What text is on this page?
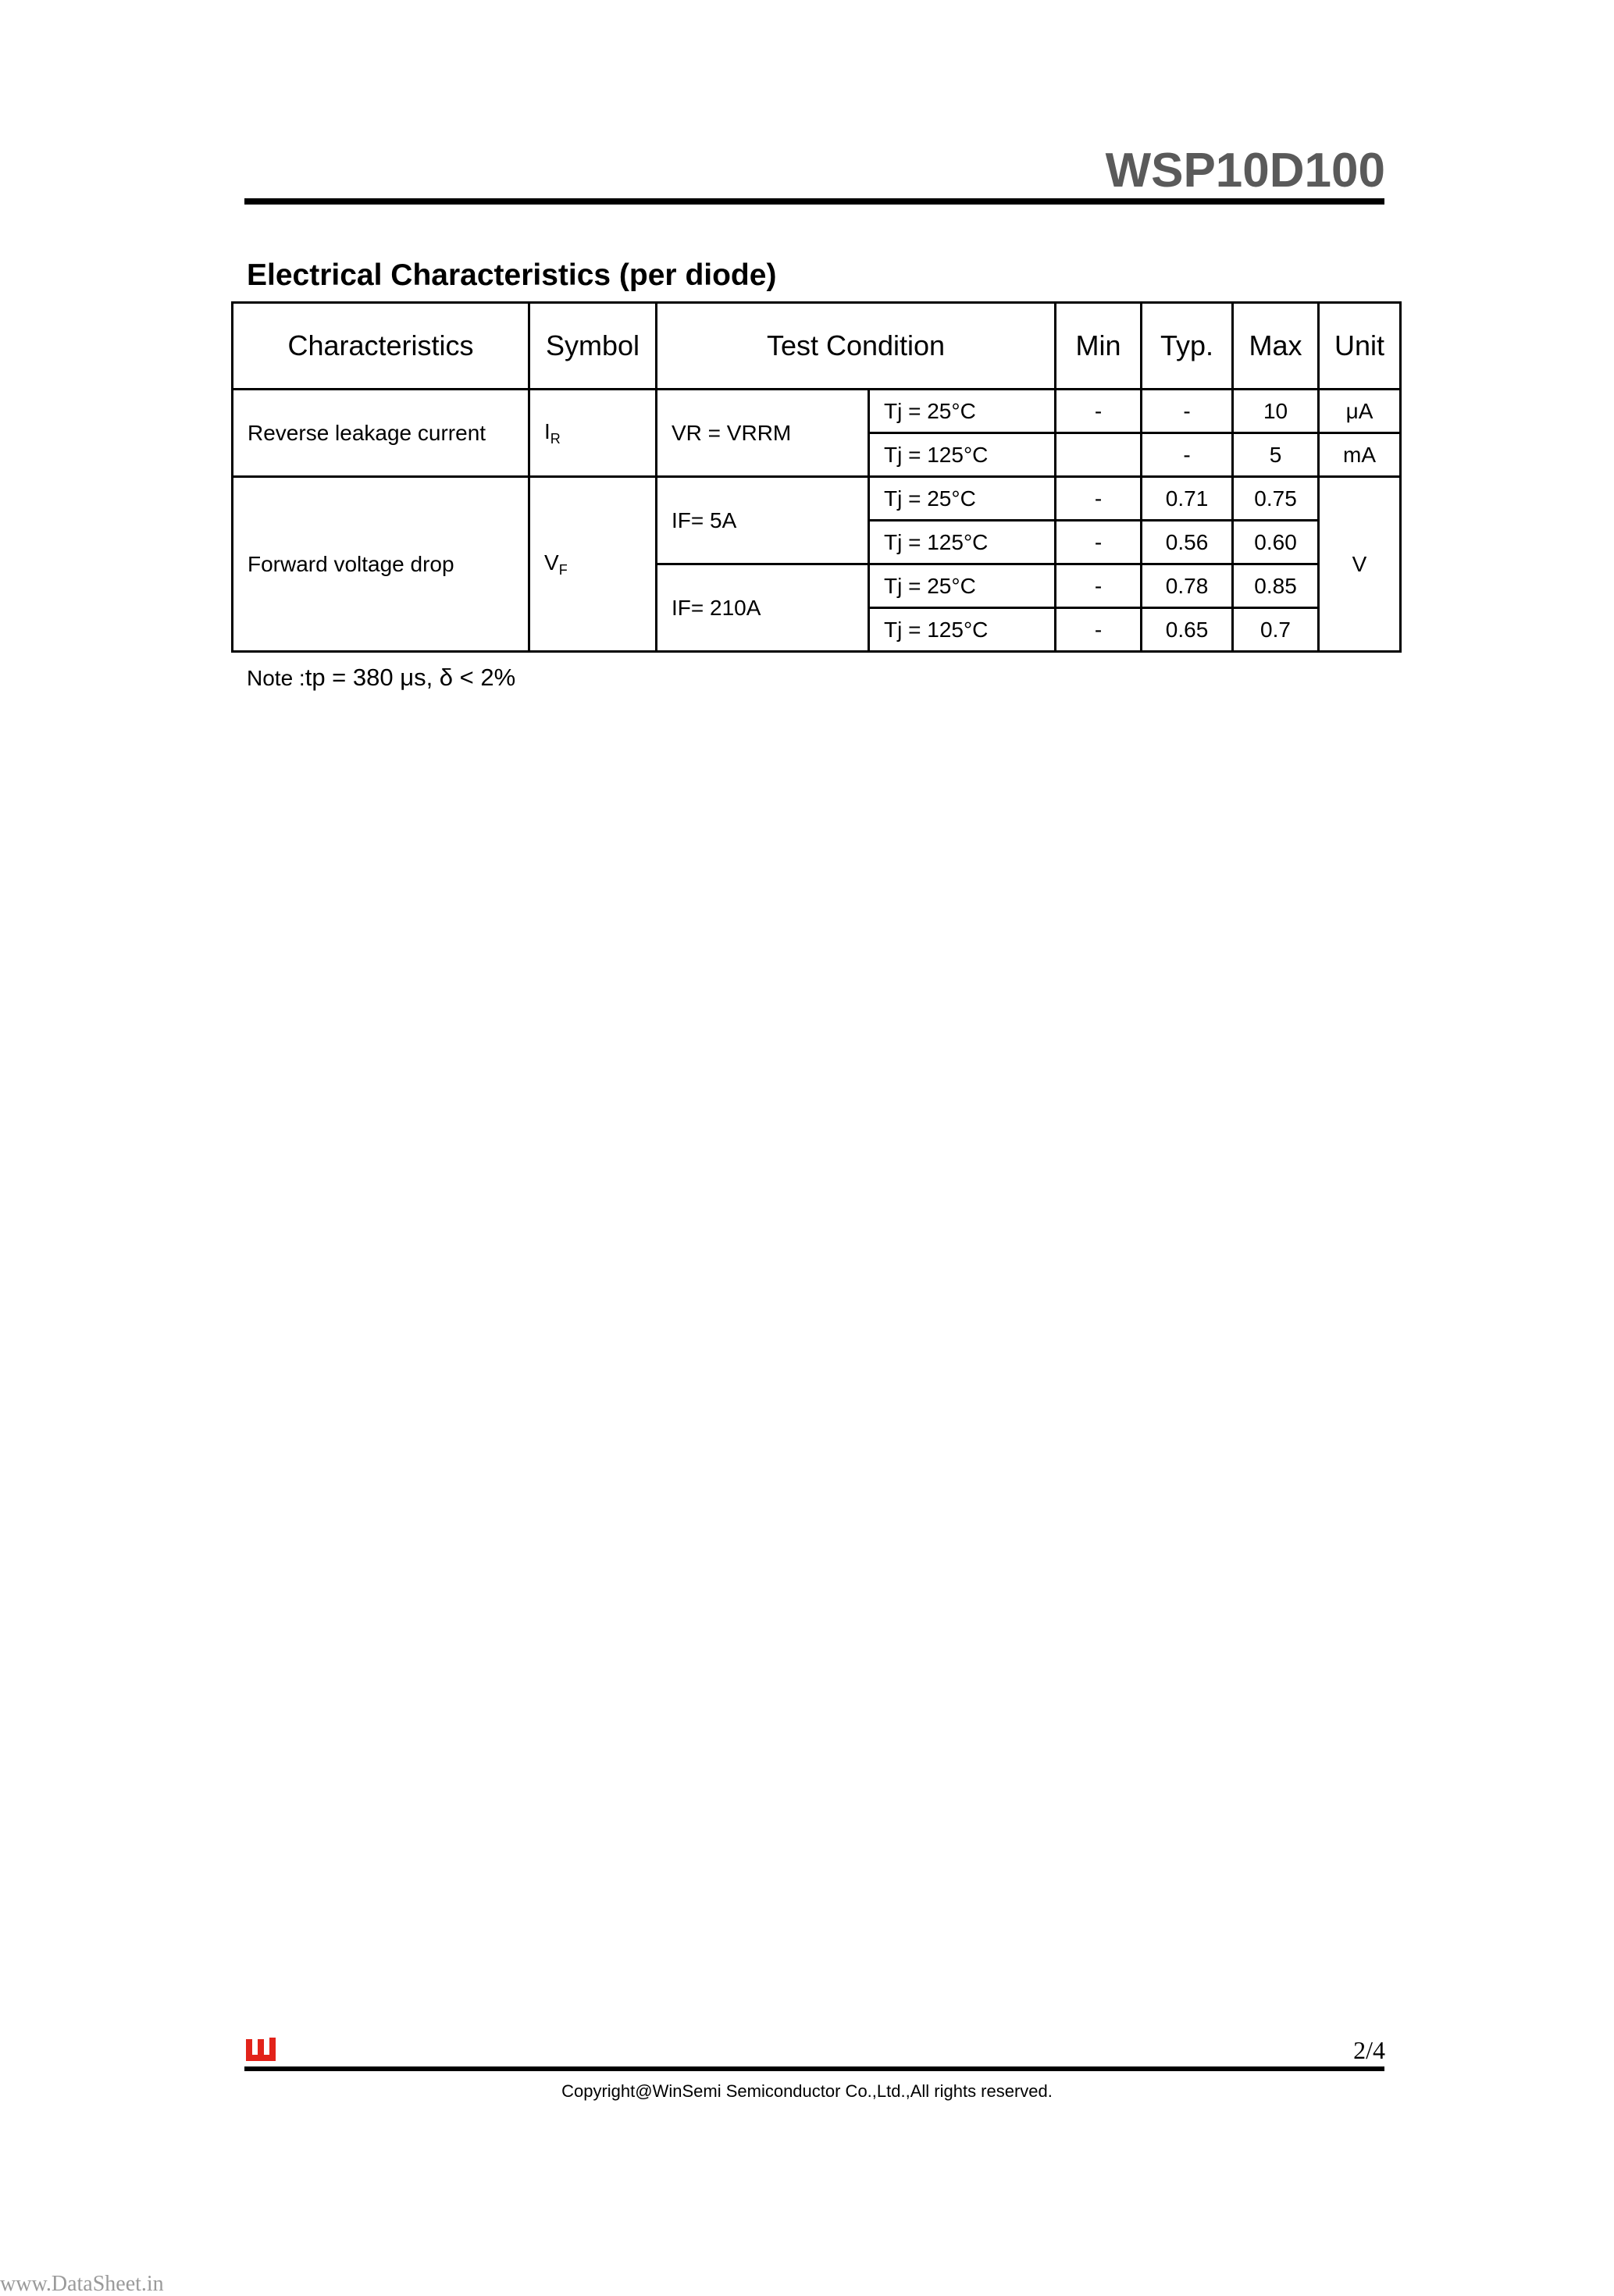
WSP10D100
Electrical Characteristics (per diode)
Characteristics	Symbol	Test Condition		Min	Typ.	Max	Unit
Reverse leakage current	$I_R$	VR = VRRM	Tj = 25°C	-	-	10	μA
			Tj = 125°C		-	5	mA
Forward voltage drop	$V_F$	IF= 5A	Tj = 25°C	-	0.71	0.75	V
			Tj = 125°C	-	0.56	0.60	
		IF= 210A	Tj = 25°C	-	0.78	0.85	
			Tj = 125°C	-	0.65	0.7	
Note :tp = 380 μs, δ < 2%
2/4
Copyright@WinSemi Semiconductor Co.,Ltd.,All rights reserved.
www.DataSheet.in
